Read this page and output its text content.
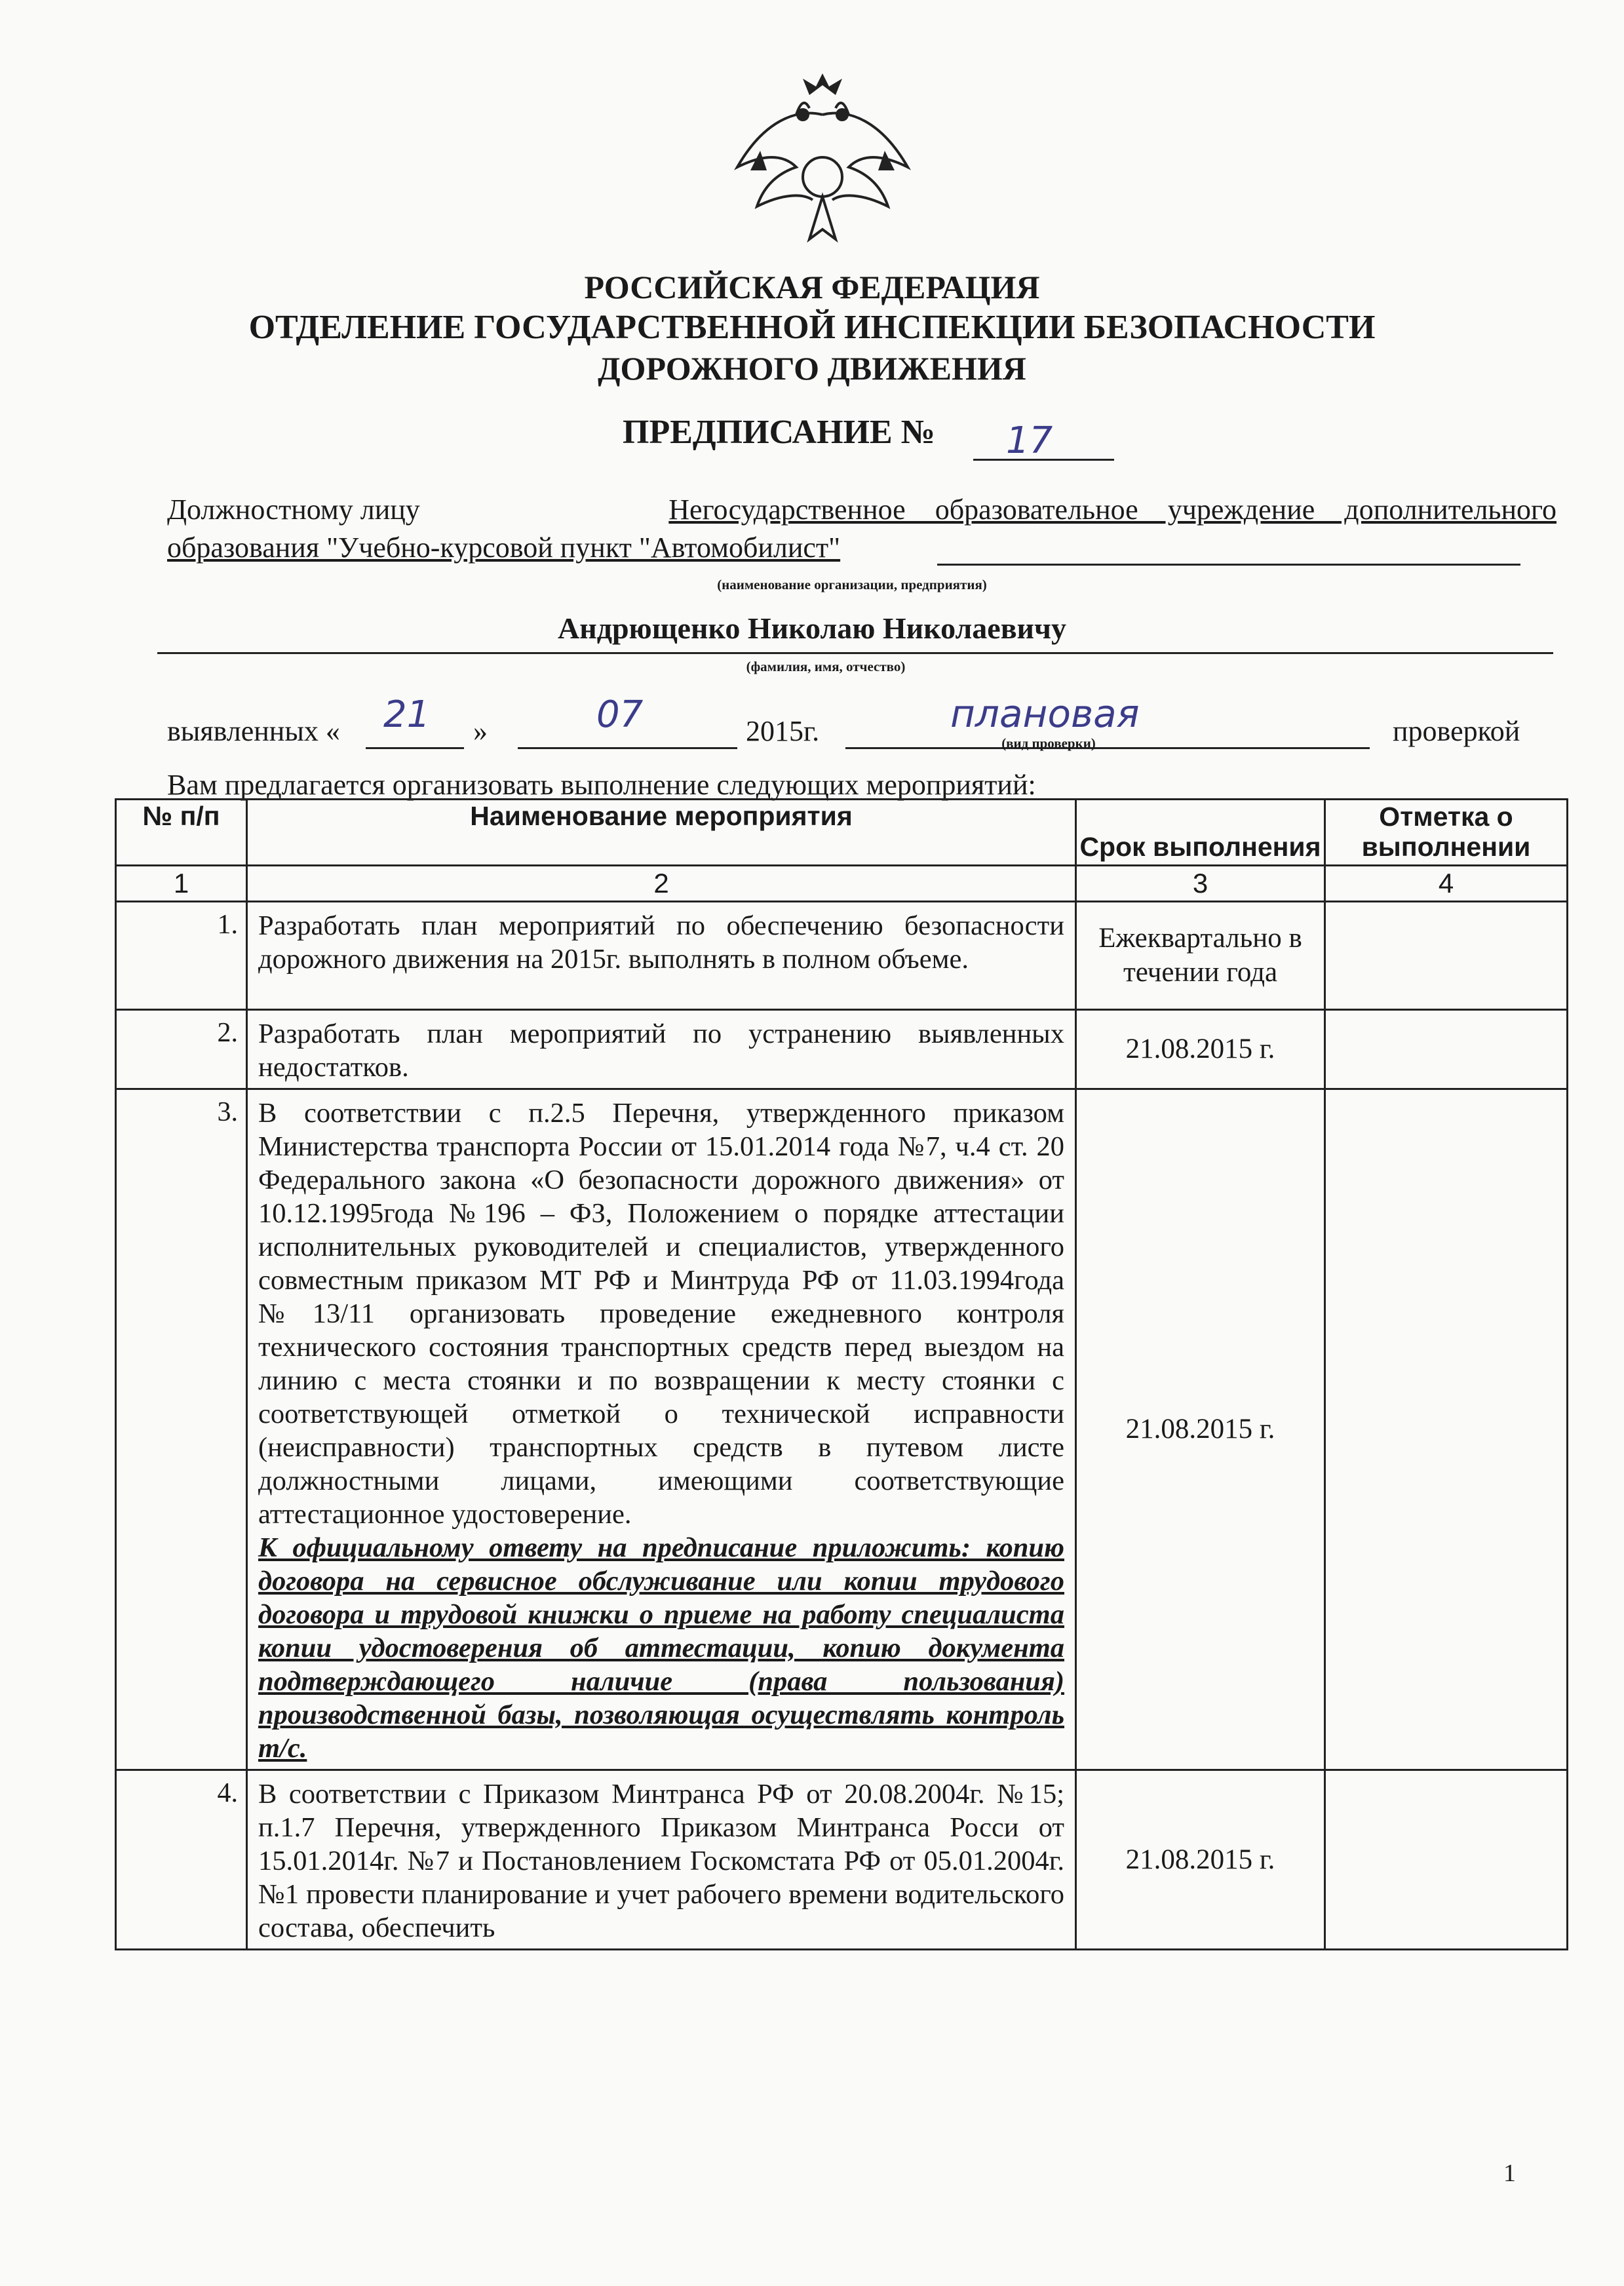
РОССИЙСКАЯ ФЕДЕРАЦИЯ
ОТДЕЛЕНИЕ ГОСУДАРСТВЕННОЙ ИНСПЕКЦИИ БЕЗОПАСНОСТИ
ДОРОЖНОГО ДВИЖЕНИЯ
ПРЕДПИСАНИЕ № 17
Должностному лицу	Негосударственное образовательное учреждение дополнительного
образования "Учебно-курсовой пункт "Автомобилист"
(наименование организации, предприятия)
Андрющенко Николаю Николаевичу
(фамилия, имя, отчество)
выявленных « 21 »	07	2015г.	плановая
(вид проверки)	проверкой
Вам предлагается организовать выполнение следующих мероприятий:
№ п/п	Наименование мероприятия	Срок выполнения	Отметка о выполнении
1	2	3	4
1.	Разработать план мероприятий по обеспечению безопасности дорожного движения на 2015г. выполнять в полном объеме.	Ежеквартально в течении года	
2.	Разработать план мероприятий по устранению выявленных недостатков.	21.08.2015 г.	
3.	В соответствии с п.2.5 Перечня, утвержденного приказом Министерства транспорта России от 15.01.2014 года №7, ч.4 ст. 20 Федерального закона «О безопасности дорожного движения» от 10.12.1995года №196 – ФЗ, Положением о порядке аттестации исполнительных руководителей и специалистов, утвержденного совместным приказом МТ РФ и Минтруда РФ от 11.03.1994года №13/11 организовать проведение ежедневного контроля технического состояния транспортных средств перед выездом на линию с места стоянки и по возвращении к месту стоянки с соответствующей отметкой о технической исправности (неисправности) транспортных средств в путевом листе должностными лицами, имеющими соответствующие аттестационное удостоверение.
К официальному ответу на предписание приложить: копию договора на сервисное обслуживание или копии трудового договора и трудовой книжки о приеме на работу специалиста копии удостоверения об аттестации, копию документа подтверждающего наличие (права пользования) производственной базы, позволяющая осуществлять контроль т/с.	21.08.2015 г.	
4.	В соответствии с Приказом Минтранса РФ от 20.08.2004г. №15; п.1.7 Перечня, утвержденного Приказом Минтранса Росси от 15.01.2014г. №7 и Постановлением Госкомстата РФ от 05.01.2004г. №1 провести планирование и учет рабочего времени водительского состава, обеспечить	21.08.2015 г.	
1
